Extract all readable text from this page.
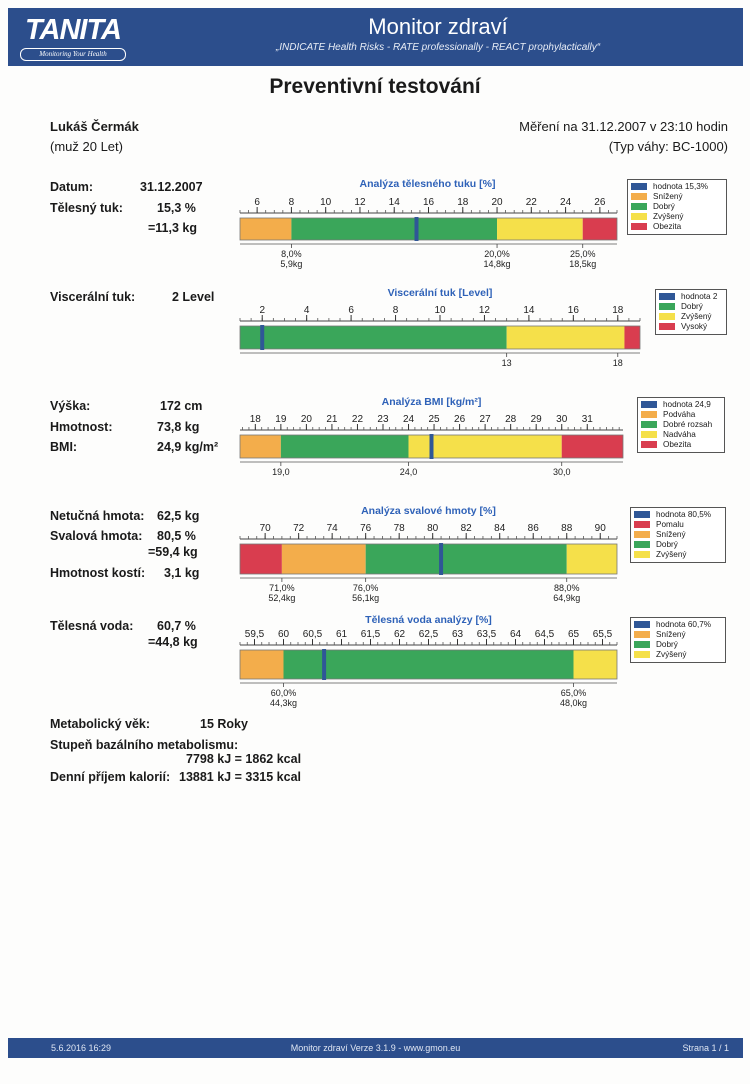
TANITA
Monitoring Your Health
Monitor zdraví
„INDICATE Health Risks - RATE professionally - REACT prophylactically“
Preventivní testování
Lukáš Čermák
(muž 20 Let)
Měření na 31.12.2007 v 23:10 hodin
(Typ váhy: BC-1000)
Datum:	31.12.2007
Tělesný tuk:	15,3 %
=11,3 kg
Viscerální tuk:	2 Level
Výška:	172 cm
Hmotnost:	73,8 kg
BMI:	24,9 kg/m²
Netučná hmota: 62,5 kg
Svalová hmota: 80,5 %
=59,4 kg
Hmotnost kostí: 3,1 kg
Tělesná voda: 60,7 %
=44,8 kg
Metabolický věk:	15 Roky
Stupeň bazálního metabolismu:
7798 kJ = 1862 kcal
Denní příjem kalorií: 13881 kJ = 3315 kcal
Analýza tělesného tuku [%]
6	8	10 12 14 16 18 20 22 24 26
8,0%
5,9kg
20,0%
14,8kg
25,0%
18,5kg
hodnota 15,3%
Snížený
Dobrý
Zvýšený
Obezita
Viscerální tuk [Level]
2	4	6	8	10	12	14	16	18
13	18
hodnota 2
Dobrý
Zvýšený
Vysoký
Analýza BMI [kg/m²]
18 19 20 21 22 23 24 25 26 27 28 29 30 31
19,0	24,0	30,0
hodnota 24,9
Podváha
Dobré rozsah
Nadváha
Obezita
Analýza svalové hmoty [%]
70 72 74 76 78 80 82 84 86 88 90
71,0%
52,4kg
76,0%
56,1kg
88,0%
64,9kg
hodnota 80,5%
Pomalu
Snížený
Dobrý
Zvýšený
Tělesná voda analýzy [%]
59,5 60 60,5 61 61,5 62 62,5 63 63,5 64 64,5 65 65,5
60,0%
44,3kg
65,0%
48,0kg
hodnota 60,7%
Snížený
Dobrý
Zvýšený
5.6.2016 16:29	Monitor zdraví Verze 3.1.9 - www.gmon.eu	Strana 1 / 1
